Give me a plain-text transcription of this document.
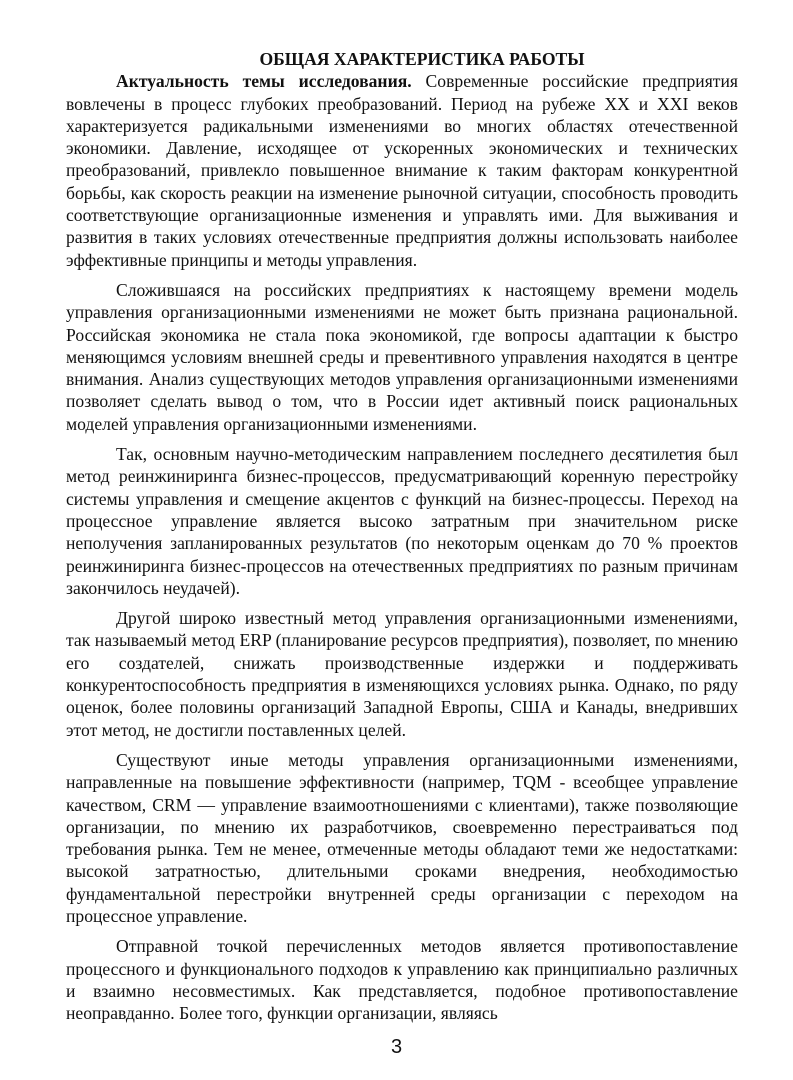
ОБЩАЯ ХАРАКТЕРИСТИКА РАБОТЫ

Актуальность темы исследования. Современные российские предприятия вовлечены в процесс глубоких преобразований. Период на рубеже XX и XXI веков характеризуется радикальными изменениями во многих областях отечественной экономики. Давление, исходящее от ускоренных экономических и технических преобразований, привлекло повышенное внимание к таким факторам конкурентной борьбы, как скорость реакции на изменение рыночной ситуации, способность проводить соответствующие организационные изменения и управлять ими. Для выживания и развития в таких условиях отечественные предприятия должны использовать наиболее эффективные принципы и методы управления.

Сложившаяся на российских предприятиях к настоящему времени модель управления организационными изменениями не может быть признана рациональной. Российская экономика не стала пока экономикой, где вопросы адаптации к быстро меняющимся условиям внешней среды и превентивного управления находятся в центре внимания. Анализ существующих методов управления организационными изменениями позволяет сделать вывод о том, что в России идет активный поиск рациональных моделей управления организационными изменениями.

Так, основным научно-методическим направлением последнего десятилетия был метод реинжиниринга бизнес-процессов, предусматривающий коренную перестройку системы управления и смещение акцентов с функций на бизнес-процессы. Переход на процессное управление является высоко затратным при значительном риске неполучения запланированных результатов (по некоторым оценкам до 70 % проектов реинжиниринга бизнес-процессов на отечественных предприятиях по разным причинам закончилось неудачей).

Другой широко известный метод управления организационными изменениями, так называемый метод ERP (планирование ресурсов предприятия), позволяет, по мнению его создателей, снижать производственные издержки и поддерживать конкурентоспособность предприятия в изменяющихся условиях рынка. Однако, по ряду оценок, более половины организаций Западной Европы, США и Канады, внедривших этот метод, не достигли поставленных целей.

Существуют иные методы управления организационными изменениями, направленные на повышение эффективности (например, TQM - всеобщее управление качеством, CRM — управление взаимоотношениями с клиентами), также позволяющие организации, по мнению их разработчиков, своевременно перестраиваться под требования рынка. Тем не менее, отмеченные методы обладают теми же недостатками: высокой затратностью, длительными сроками внедрения, необходимостью фундаментальной перестройки внутренней среды организации с переходом на процессное управление.

Отправной точкой перечисленных методов является противопоставление процессного и функционального подходов к управлению как принципиально различных и взаимно несовместимых. Как представляется, подобное противопоставление неоправданно. Более того, функции организации, являясь

3
